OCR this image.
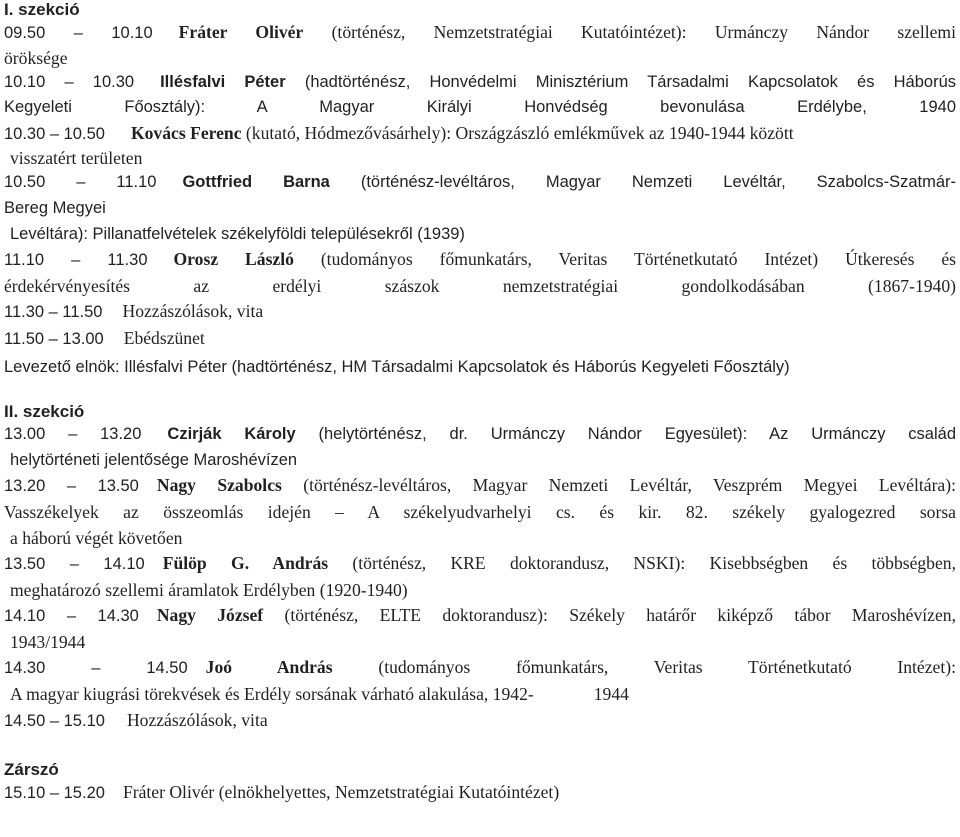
I. szekció

09.50 – 10.10 Fráter Olivér (történész, Nemzetstratégiai Kutatóintézet): Urmánczy Nándor szellemi

öröksége

10.10 – 10.30 Illésfalvi Péter (hadtörténész, Honvédelmi Minisztérium Társadalmi Kapcsolatok és Háborús

Kegyeleti Főosztály): A Magyar Királyi Honvédség bevonulása Erdélybe, 1940

10.30 – 10.50 Kovács Ferenc (kutató, Hódmezővásárhely): Országzászló emlékművek az 1940-1944 között

visszatért területen

10.50 – 11.10 Gottfried Barna (történész-levéltáros, Magyar Nemzeti Levéltár, Szabolcs-Szatmár-

Bereg Megyei

Levéltára): Pillanatfelvételek székelyföldi településekről (1939)

11.10 – 11.30 Orosz László (tudományos főmunkatárs, Veritas Történetkutató Intézet) Útkeresés és

érdekérvényesítés az erdélyi szászok nemzetstratégiai gondolkodásában (1867-1940)

11.30 – 11.50 Hozzászólások, vita

11.50 – 13.00 Ebédszünet

Levezető elnök: Illésfalvi Péter (hadtörténész, HM Társadalmi Kapcsolatok és Háborús Kegyeleti Főosztály)

II. szekció

13.00 – 13.20 Czirják Károly (helytörténész, dr. Urmánczy Nándor Egyesület): Az Urmánczy család

helytörténeti jelentősége Maroshévízen

13.20 – 13.50 Nagy Szabolcs (történész-levéltáros, Magyar Nemzeti Levéltár, Veszprém Megyei Levéltára):

Vasszékelyek az összeomlás idején – A székelyudvarhelyi cs. és kir. 82. székely gyalogezred sorsa

a háború végét követően

13.50 – 14.10 Fülöp G. András (történész, KRE doktorandusz, NSKI): Kisebbségben és többségben,

meghatározó szellemi áramlatok Erdélyben (1920-1940)

14.10 – 14.30 Nagy József (történész, ELTE doktorandusz): Székely határőr kiképző tábor Maroshévízen,

1943/1944

14.30 – 14.50 Joó András (tudományos főmunkatárs, Veritas Történetkutató Intézet):

A magyar kiugrási törekvések és Erdély sorsának várható alakulása, 1942-	1944

14.50 – 15.10 Hozzászólások, vita

Zárszó

15.10 – 15.20 Fráter Olivér (elnökhelyettes, Nemzetstratégiai Kutatóintézet)
